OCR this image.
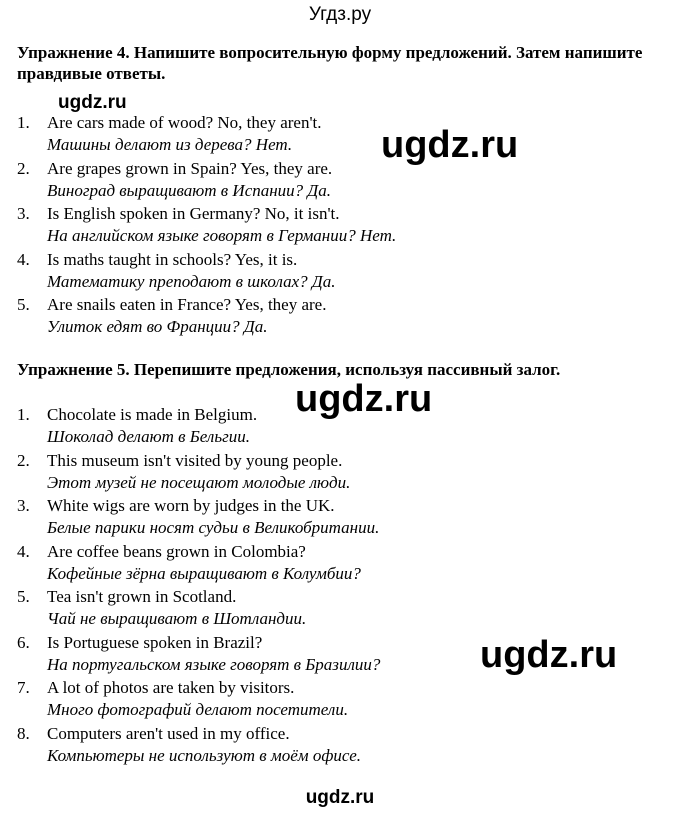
Угдз.ру
Упражнение 4. Напишите вопросительную форму предложений. Затем напишите правдивые ответы.
1. Are cars made of wood? No, they aren't.
Машины делают из дерева? Нет.
2. Are grapes grown in Spain? Yes, they are.
Виноград выращивают в Испании? Да.
3. Is English spoken in Germany? No, it isn't.
На английском языке говорят в Германии? Нет.
4. Is maths taught in schools? Yes, it is.
Математику преподают в школах? Да.
5. Are snails eaten in France? Yes, they are.
Улиток едят во Франции? Да.
Упражнение 5. Перепишите предложения, используя пассивный залог.
1. Chocolate is made in Belgium.
Шоколад делают в Бельгии.
2. This museum isn't visited by young people.
Этот музей не посещают молодые люди.
3. White wigs are worn by judges in the UK.
Белые парики носят судьи в Великобритании.
4. Are coffee beans grown in Colombia?
Кофейные зёрна выращивают в Колумбии?
5. Tea isn't grown in Scotland.
Чай не выращивают в Шотландии.
6. Is Portuguese spoken in Brazil?
На португальском языке говорят в Бразилии?
7. A lot of photos are taken by visitors.
Много фотографий делают посетители.
8. Computers aren't used in my office.
Компьютеры не используют в моём офисе.
ugdz.ru
ugdz.ru
ugdz.ru
ugdz.ru
ugdz.ru
